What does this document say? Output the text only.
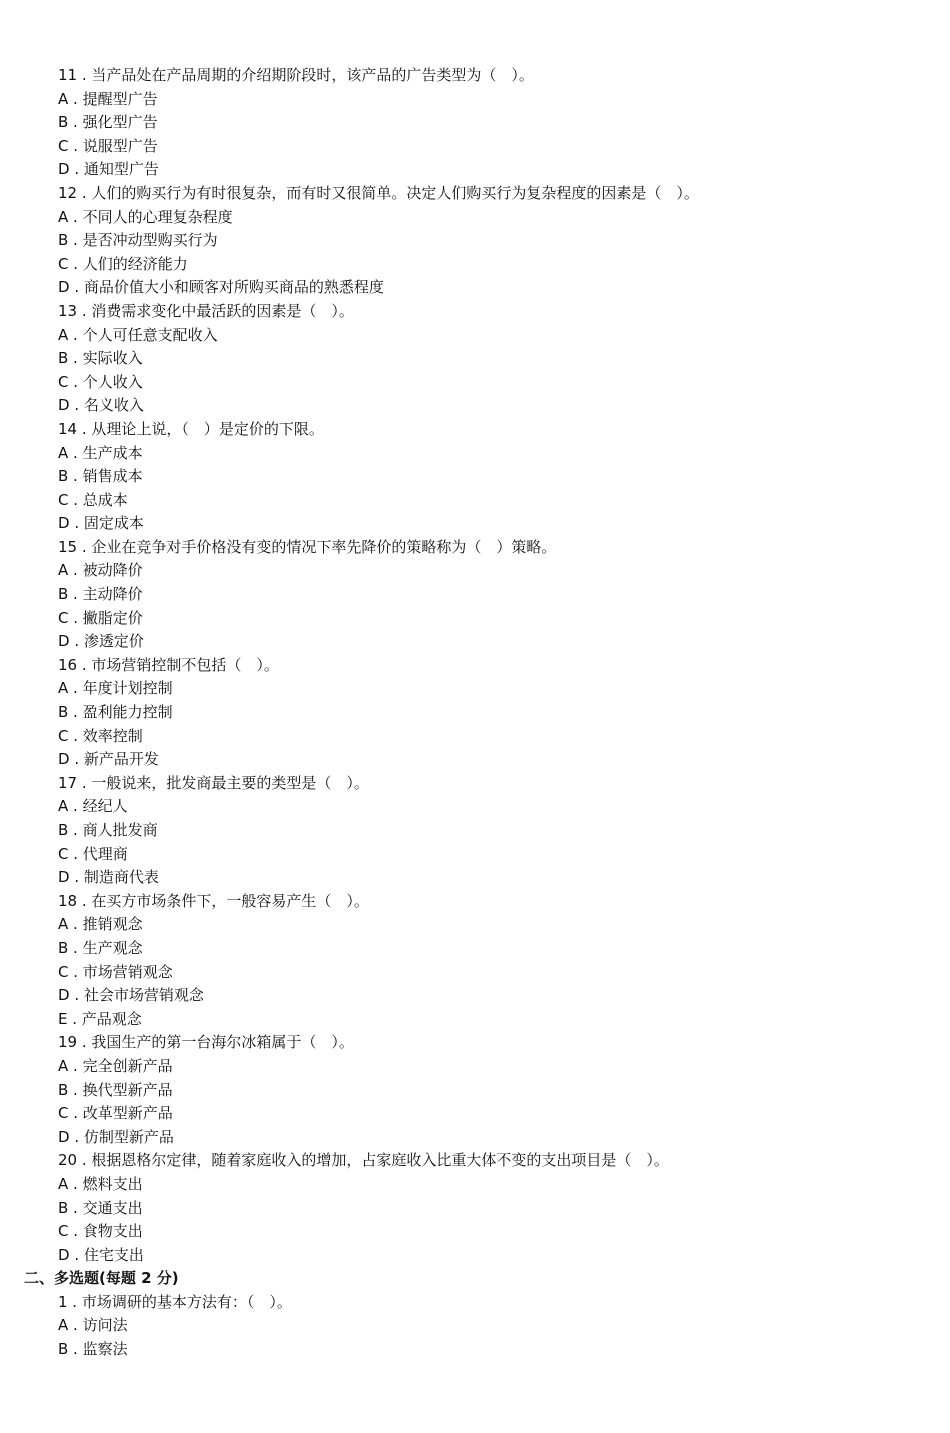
11 . 当产品处在产品周期的介绍期阶段时，该产品的广告类型为（　）。
A . 提醒型广告
B . 强化型广告
C . 说服型广告
D . 通知型广告
12 . 人们的购买行为有时很复杂，而有时又很简单。决定人们购买行为复杂程度的因素是（　）。
A . 不同人的心理复杂程度
B . 是否冲动型购买行为
C . 人们的经济能力
D . 商品价值大小和顾客对所购买商品的熟悉程度
13 . 消费需求变化中最活跃的因素是（　）。
A . 个人可任意支配收入
B . 实际收入
C . 个人收入
D . 名义收入
14 . 从理论上说，（　）是定价的下限。
A . 生产成本
B . 销售成本
C . 总成本
D . 固定成本
15 . 企业在竞争对手价格没有变的情况下率先降价的策略称为（　）策略。
A . 被动降价
B . 主动降价
C . 撇脂定价
D . 渗透定价
16 . 市场营销控制不包括（　）。
A . 年度计划控制
B . 盈利能力控制
C . 效率控制
D . 新产品开发
17 . 一般说来，批发商最主要的类型是（　）。
A . 经纪人
B . 商人批发商
C . 代理商
D . 制造商代表
18 . 在买方市场条件下，一般容易产生（　）。
A . 推销观念
B . 生产观念
C . 市场营销观念
D . 社会市场营销观念
E . 产品观念
19 . 我国生产的第一台海尔冰箱属于（　）。
A . 完全创新产品
B . 换代型新产品
C . 改革型新产品
D . 仿制型新产品
20 . 根据恩格尔定律，随着家庭收入的增加，占家庭收入比重大体不变的支出项目是（　）。
A . 燃料支出
B . 交通支出
C . 食物支出
D . 住宅支出
二、多选题(每题 2 分)
1 . 市场调研的基本方法有：（　）。
A . 访问法
B . 监察法
